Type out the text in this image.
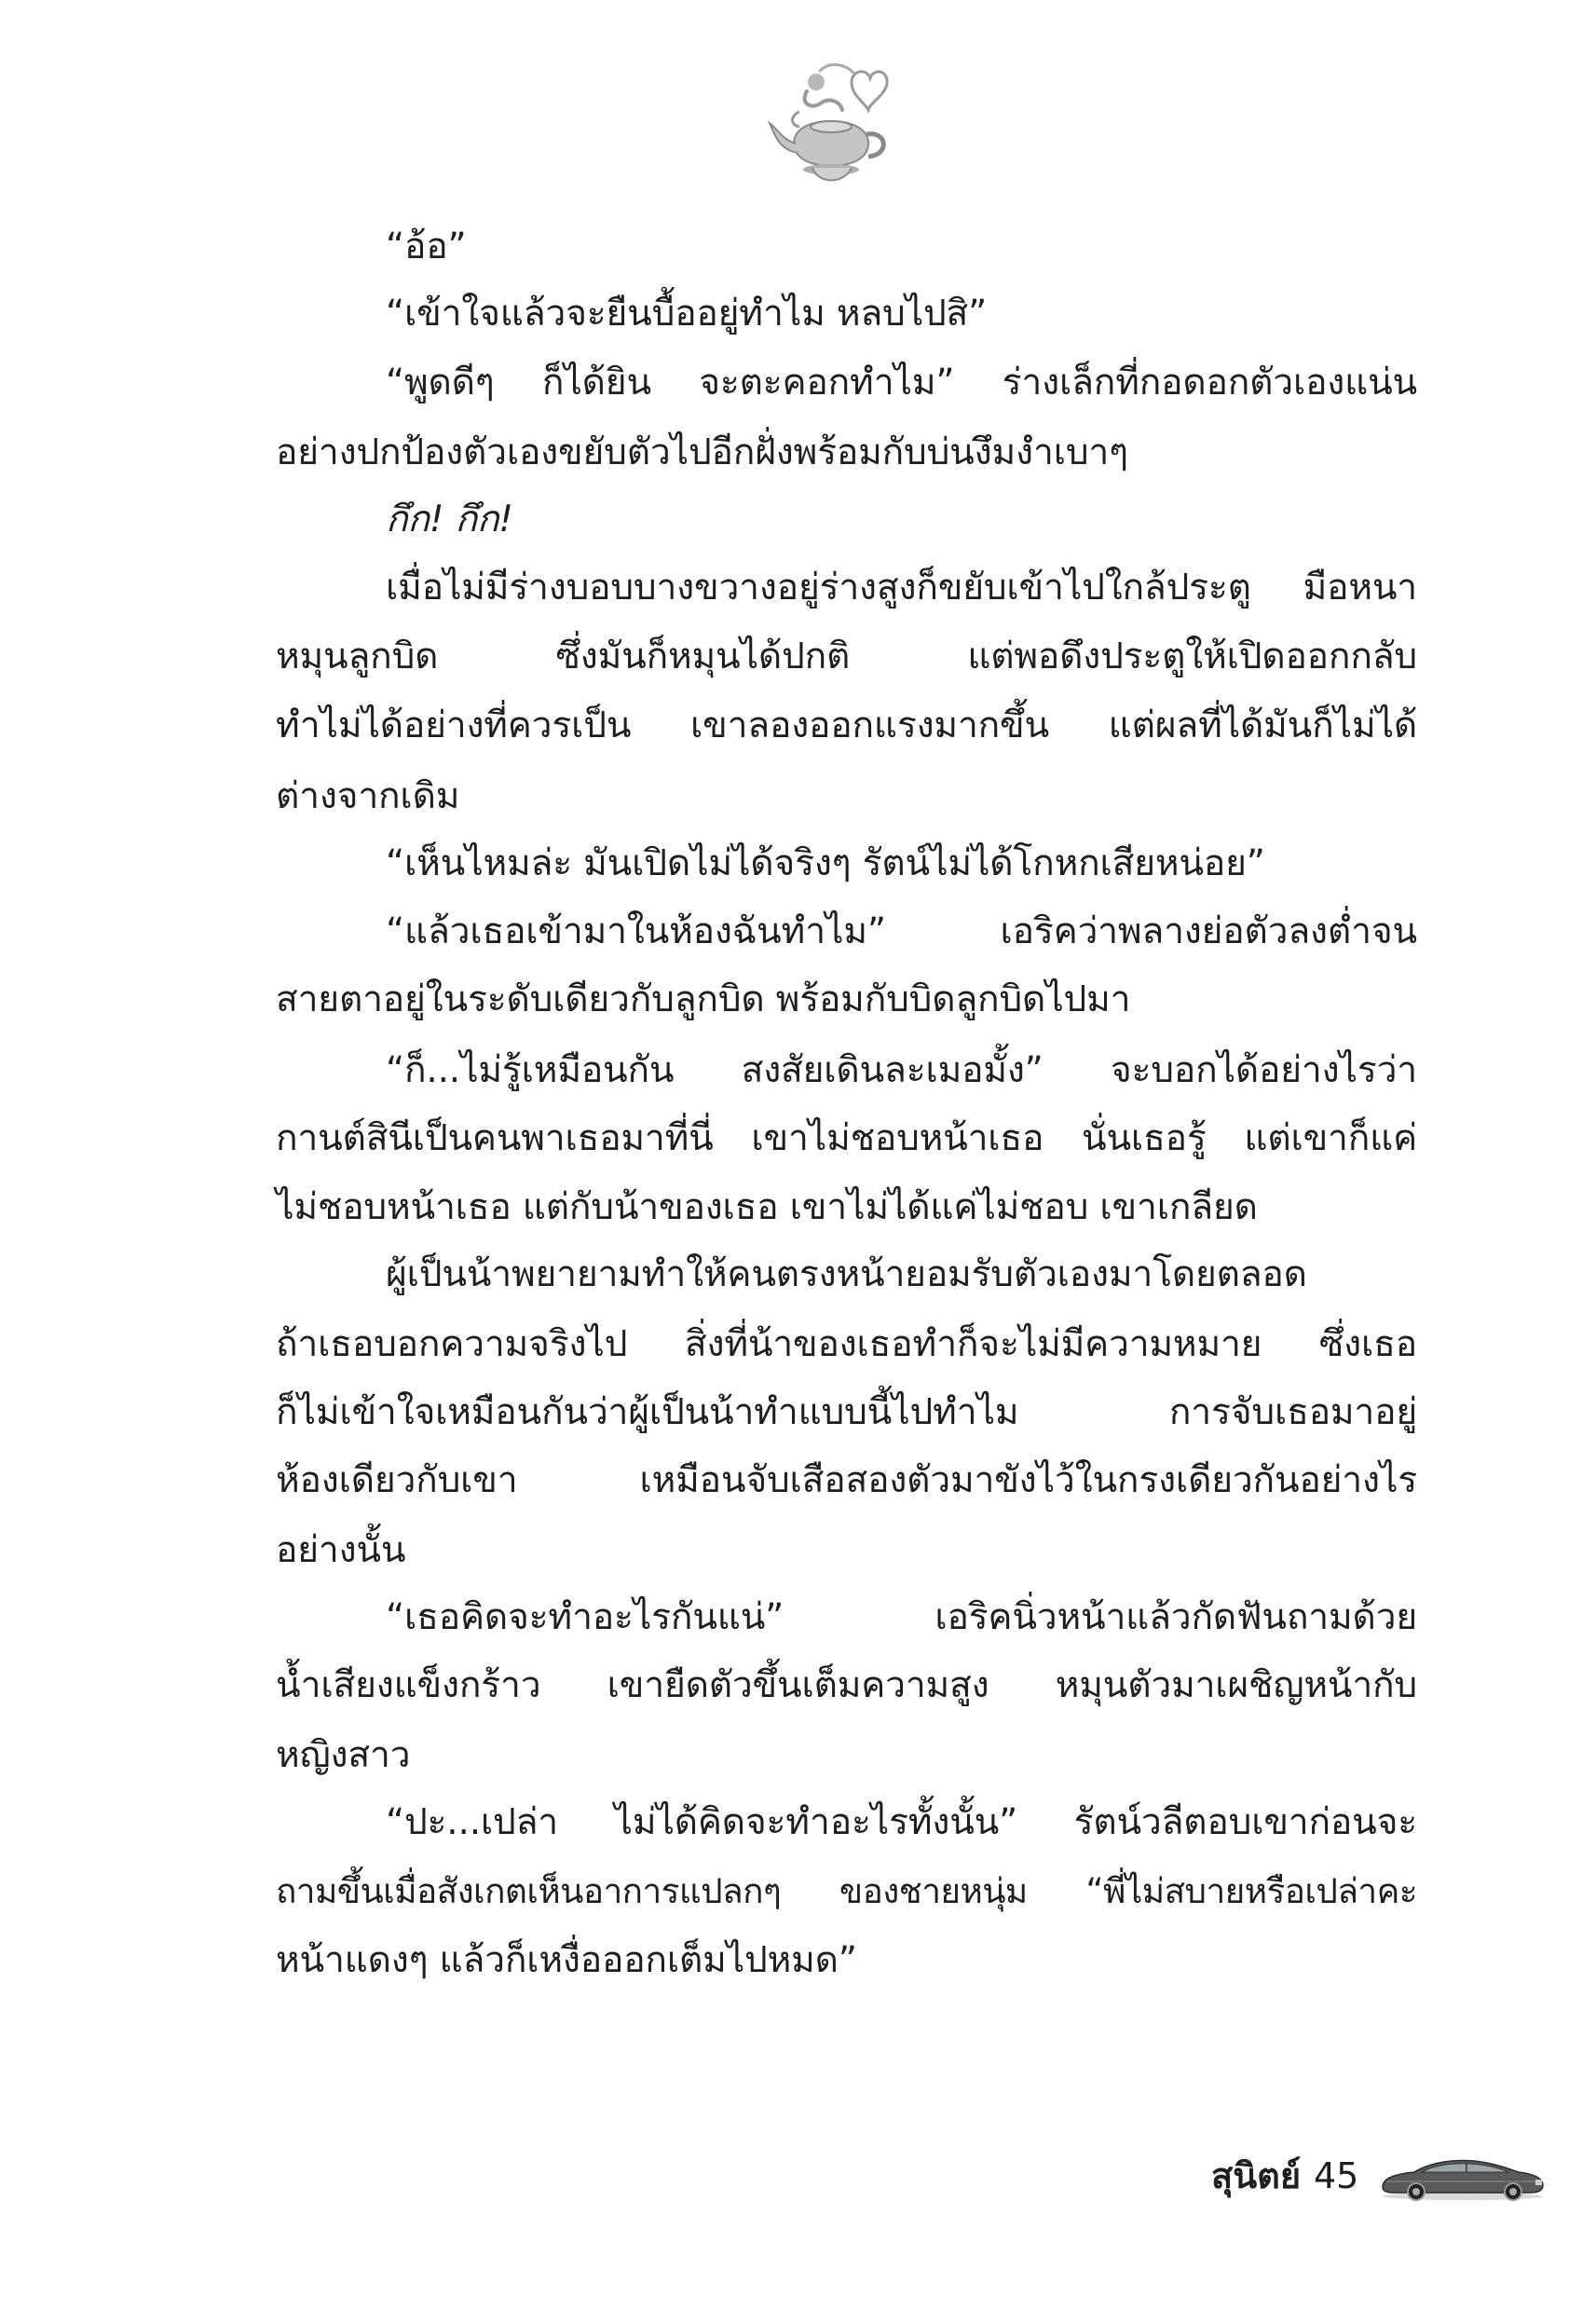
“อ้อ”
“เข้าใจแล้วจะยืนบื้ออยู่ทำไม หลบไปสิ”
“พูดดีๆ ก็ได้ยิน จะตะคอกทำไม” ร่างเล็กที่กอดอกตัวเองแน่น
อย่างปกป้องตัวเองขยับตัวไปอีกฝั่งพร้อมกับบ่นงึมงำเบาๆ
กึก! กึก!
เมื่อไม่มีร่างบอบบางขวางอยู่ร่างสูงก็ขยับเข้าไปใกล้ประตู มือหนา
หมุนลูกบิด ซึ่งมันก็หมุนได้ปกติ แต่พอดึงประตูให้เปิดออกกลับ
ทำไม่ได้อย่างที่ควรเป็น เขาลองออกแรงมากขึ้น แต่ผลที่ได้มันก็ไม่ได้
ต่างจากเดิม
“เห็นไหมล่ะ มันเปิดไม่ได้จริงๆ รัตน์ไม่ได้โกหกเสียหน่อย”
“แล้วเธอเข้ามาในห้องฉันทำไม” เอริคว่าพลางย่อตัวลงต่ำจน
สายตาอยู่ในระดับเดียวกับลูกบิด พร้อมกับบิดลูกบิดไปมา
“ก็...ไม่รู้เหมือนกัน สงสัยเดินละเมอมั้ง” จะบอกได้อย่างไรว่า
กานต์สินีเป็นคนพาเธอมาที่นี่ เขาไม่ชอบหน้าเธอ นั่นเธอรู้ แต่เขาก็แค่
ไม่ชอบหน้าเธอ แต่กับน้าของเธอ เขาไม่ได้แค่ไม่ชอบ เขาเกลียด
ผู้เป็นน้าพยายามทำให้คนตรงหน้ายอมรับตัวเองมาโดยตลอด
ถ้าเธอบอกความจริงไป สิ่งที่น้าของเธอทำก็จะไม่มีความหมาย ซึ่งเธอ
ก็ไม่เข้าใจเหมือนกันว่าผู้เป็นน้าทำแบบนี้ไปทำไม การจับเธอมาอยู่
ห้องเดียวกับเขา เหมือนจับเสือสองตัวมาขังไว้ในกรงเดียวกันอย่างไร
อย่างนั้น
“เธอคิดจะทำอะไรกันแน่” เอริคนิ่วหน้าแล้วกัดฟันถามด้วย
น้ำเสียงแข็งกร้าว เขายืดตัวขึ้นเต็มความสูง หมุนตัวมาเผชิญหน้ากับ
หญิงสาว
“ปะ...เปล่า ไม่ได้คิดจะทำอะไรทั้งนั้น” รัตน์วลีตอบเขาก่อนจะ
ถามขึ้นเมื่อสังเกตเห็นอาการแปลกๆ ของชายหนุ่ม “พี่ไม่สบายหรือเปล่าคะ
หน้าแดงๆ แล้วก็เหงื่อออกเต็มไปหมด”
สุนิตย์ 45
